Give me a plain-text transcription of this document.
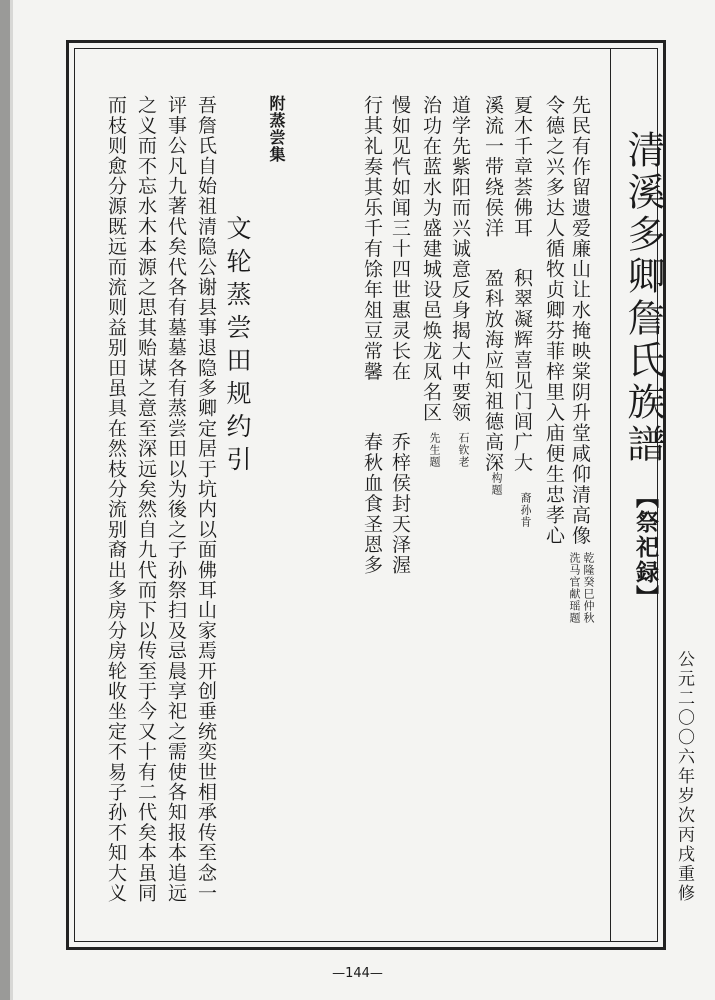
清溪多卿詹氏族譜
【祭祀録】
公元二〇〇六年岁次丙戌重修
先民有作留遗爱廉山让水掩映棠阴升堂咸仰清高像
令德之兴多达人循牧贞卿芬菲梓里入庙便生忠孝心
乾隆癸巳仲秋
洗马官献瑶题
夏木千章荟佛耳
积翠凝辉喜见门闾广大
溪流一带绕侯洋
盈科放海应知祖德高深
裔孙肯
构题
道学先紫阳而兴诚意反身揭大中要领
治功在蓝水为盛建城设邑焕龙凤名区
石钦老
先生题
慢如见忾如闻三十四世惠灵长在
行其礼奏其乐千有馀年俎豆常馨
乔梓侯封天泽渥
春秋血食圣恩多
附蒸尝集
文轮蒸尝田规约引
吾詹氏自始祖清隐公谢县事退隐多卿定居于坑内以面佛耳山家焉开创垂统奕世相承传至念一
评事公凡九著代矣代各有墓墓各有蒸尝田以为後之子孙祭扫及忌晨享祀之需使各知报本追远
之义而不忘水木本源之思其贻谋之意至深远矣然自九代而下以传至于今又十有二代矣本虽同
而枝则愈分源既远而流则益别田虽具在然枝分流别裔出多房分房轮收坐定不易子孙不知大义
—144—
